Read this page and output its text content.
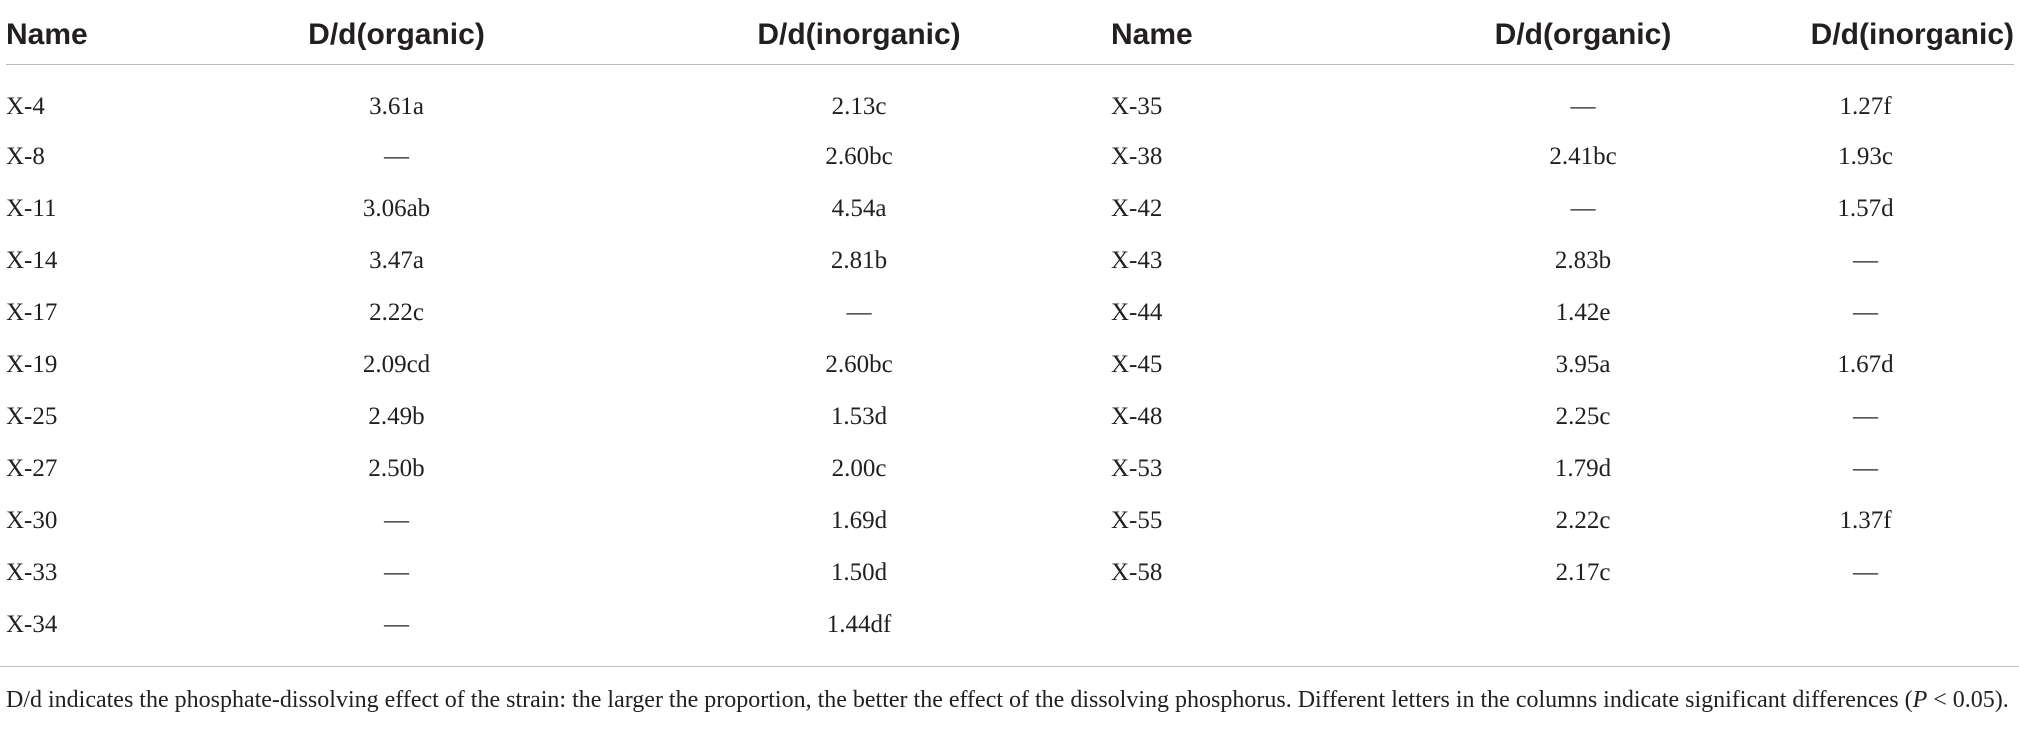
Name	D/d(organic)	D/d(inorganic)	Name	D/d(organic)	D/d(inorganic)
X-4	3.61a	2.13c	X-35	—	1.27f
X-8	—	2.60bc	X-38	2.41bc	1.93c
X-11	3.06ab	4.54a	X-42	—	1.57d
X-14	3.47a	2.81b	X-43	2.83b	—
X-17	2.22c	—	X-44	1.42e	—
X-19	2.09cd	2.60bc	X-45	3.95a	1.67d
X-25	2.49b	1.53d	X-48	2.25c	—
X-27	2.50b	2.00c	X-53	1.79d	—
X-30	—	1.69d	X-55	2.22c	1.37f
X-33	—	1.50d	X-58	2.17c	—
X-34	—	1.44df			

D/d indicates the phosphate-dissolving effect of the strain: the larger the proportion, the better the effect of the dissolving phosphorus. Different letters in the columns indicate significant differences (P < 0.05).
